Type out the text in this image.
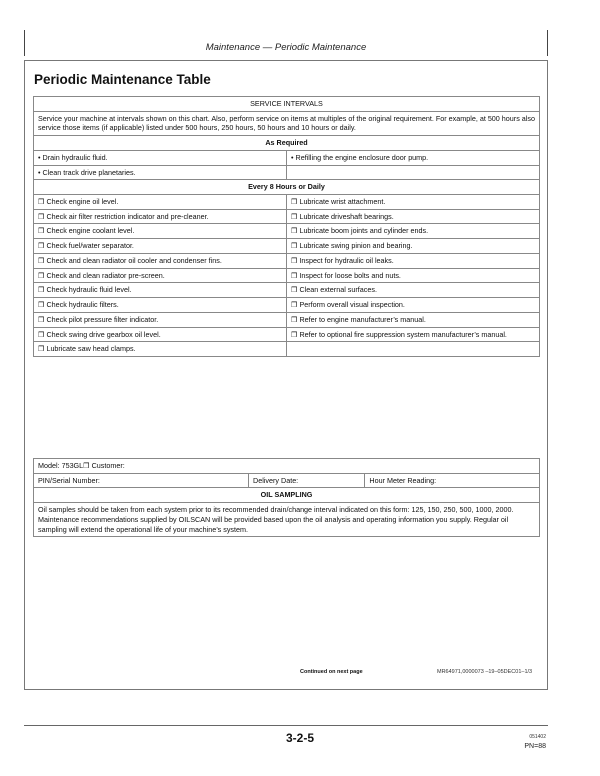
Maintenance — Periodic Maintenance
Periodic Maintenance Table
SERVICE INTERVALS	
Service your machine at intervals shown on this chart. Also, perform service on items at multiples of the original requirement. For example, at 500 hours also service those items (if applicable) listed under 500 hours, 250 hours, 50 hours and 10 hours or daily.	
As Required	
• Drain hydraulic fluid.	• Refilling the engine enclosure door pump.
• Clean track drive planetaries.	
Every 8 Hours or Daily	
❒ Check engine oil level.	❒ Lubricate wrist attachment.
❒ Check air filter restriction indicator and pre-cleaner.	❒ Lubricate driveshaft bearings.
❒ Check engine coolant level.	❒ Lubricate boom joints and cylinder ends.
❒ Check fuel/water separator.	❒ Lubricate swing pinion and bearing.
❒ Check and clean radiator oil cooler and condenser fins.	❒ Inspect for hydraulic oil leaks.
❒ Check and clean radiator pre-screen.	❒ Inspect for loose bolts and nuts.
❒ Check hydraulic fluid level.	❒ Clean external surfaces.
❒ Check hydraulic filters.	❒ Perform overall visual inspection.
❒ Check pilot pressure filter indicator.	❒ Refer to engine manufacturer’s manual.
❒ Check swing drive gearbox oil level.	❒ Refer to optional fire suppression system manufacturer’s manual.
❒ Lubricate saw head clamps.	
Model: 753GL❒ Customer:
PIN/Serial Number:	Delivery Date:	Hour Meter Reading:
OIL SAMPLING
Oil samples should be taken from each system prior to its recommended drain/change interval indicated on this form: 125, 150, 250, 500, 1000, 2000. Maintenance recommendations supplied by OILSCAN will be provided based upon the oil analysis and operating information you supply. Regular oil sampling will extend the operational life of your machine’s system.
Continued on next page	MR64971,0000073 –19–05DEC01–1/3
3-2-5	051402
PN=88
